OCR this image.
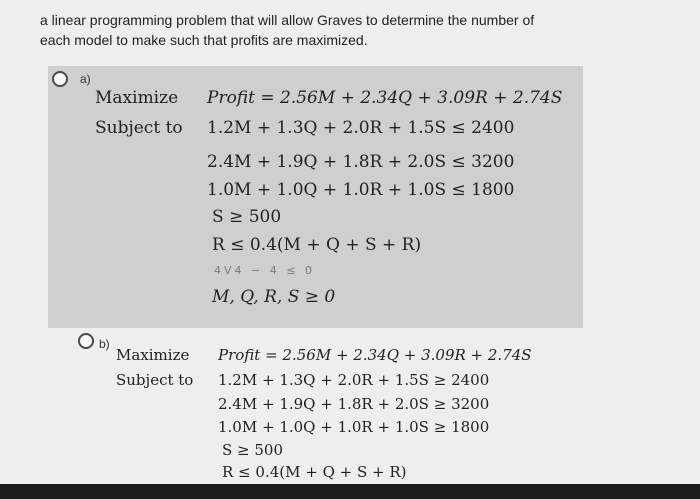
a linear programming problem that will allow Graves to determine the number of
each model to make such that profits are maximized.
a)
Maximize Profit = 2.56M + 2.34Q + 3.09R + 2.74S
Subject to 1.2M + 1.3Q + 2.0R + 1.5S ≤ 2400
2.4M + 1.9Q + 1.8R + 2.0S ≤ 3200
1.0M + 1.0Q + 1.0R + 1.0S ≤ 1800
S ≥ 500
R ≤ 0.4(M + Q + S + R)
4V4 − 4 ≤ 0
M, Q, R, S ≥ 0
b)
Maximize Profit = 2.56M + 2.34Q + 3.09R + 2.74S
Subject to 1.2M + 1.3Q + 2.0R + 1.5S ≥ 2400
2.4M + 1.9Q + 1.8R + 2.0S ≥ 3200
1.0M + 1.0Q + 1.0R + 1.0S ≥ 1800
S ≥ 500
R ≤ 0.4(M + Q + S + R)
